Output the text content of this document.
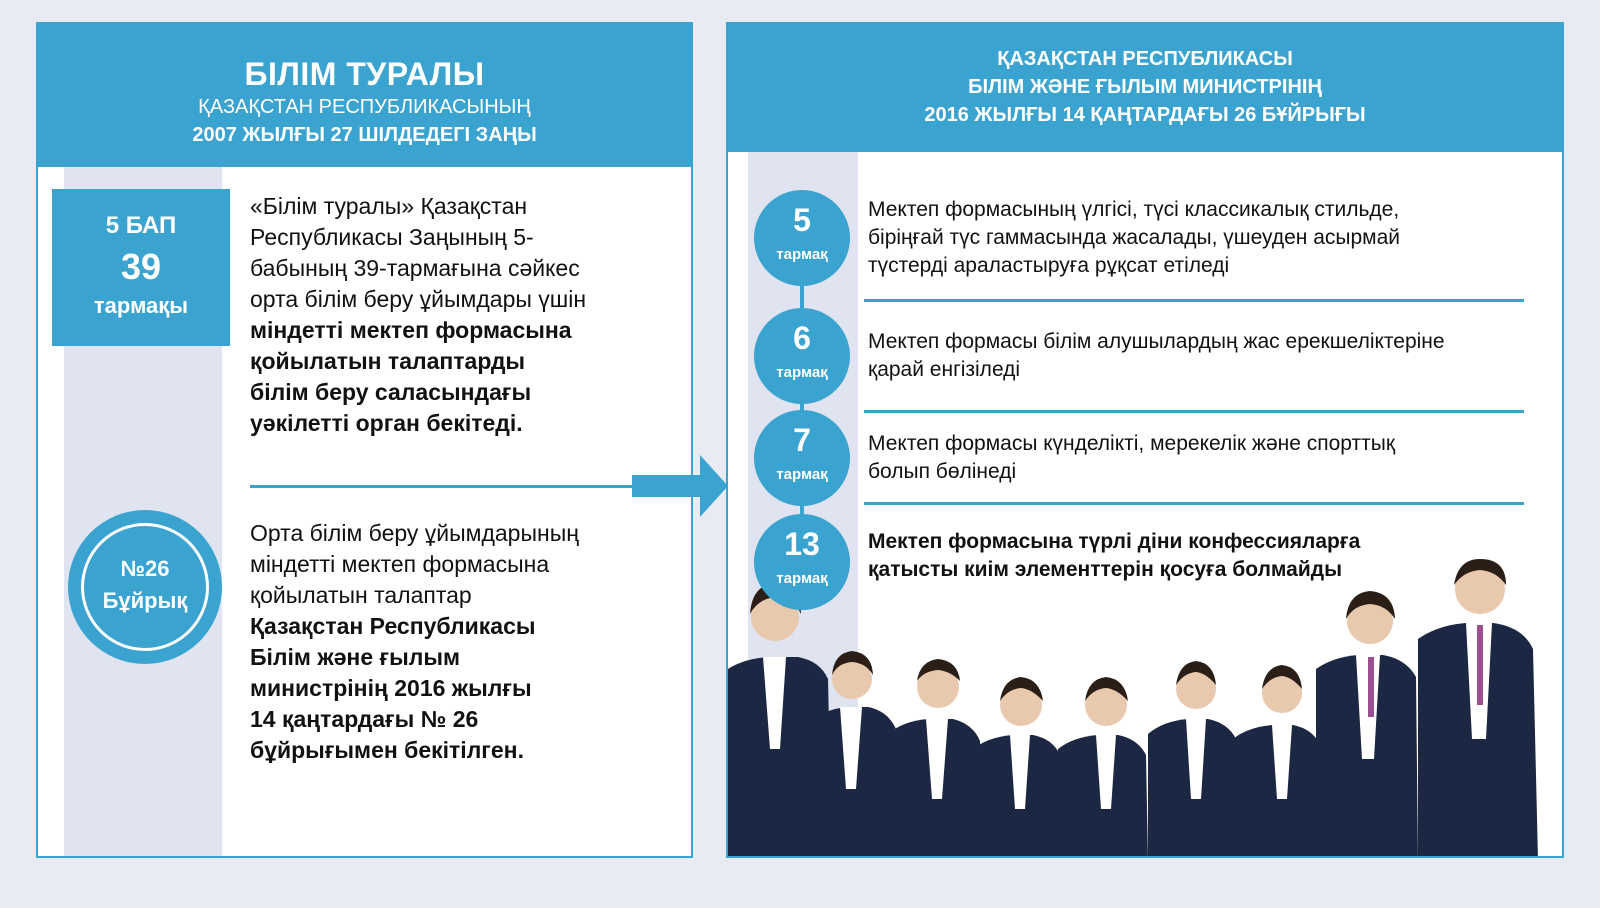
БІЛІМ ТУРАЛЫ
ҚАЗАҚСТАН РЕСПУБЛИКАСЫНЫҢ
2007 ЖЫЛҒЫ 27 ШІЛДЕДЕГІ ЗАҢЫ
5 БАП
39
тармақы
«Білім туралы» Қазақстан
Республикасы Заңының 5-
бабының 39-тармағына сәйкес
орта білім беру ұйымдары үшін
міндетті мектеп формасына
қойылатын талаптарды
білім беру саласындағы
уәкілетті орган бекітеді.
№26
Бұйрық
Орта білім беру ұйымдарының
міндетті мектеп формасына
қойылатын талаптар
Қазақстан Республикасы
Білім және ғылым
министрінің 2016 жылғы
14 қаңтардағы № 26
бұйрығымен бекітілген.
ҚАЗАҚСТАН РЕСПУБЛИКАСЫ
БІЛІМ ЖӘНЕ ҒЫЛЫМ МИНИСТРІНІҢ
2016 ЖЫЛҒЫ 14 ҚАҢТАРДАҒЫ 26 БҰЙРЫҒЫ
5
тармақ
Мектеп формасының үлгісі, түсі классикалық стильде,
біріңғай түс гаммасында жасалады, үшеуден асырмай
түстерді араластыруға рұқсат етіледі
6
тармақ
Мектеп формасы білім алушылардың жас ерекшеліктеріне
қарай енгізіледі
7
тармақ
Мектеп формасы күнделікті, мерекелік және спорттық
болып бөлінеді
13
тармақ
Мектеп формасына түрлі діни конфессияларға
қатысты киім элементтерін қосуға болмайды
